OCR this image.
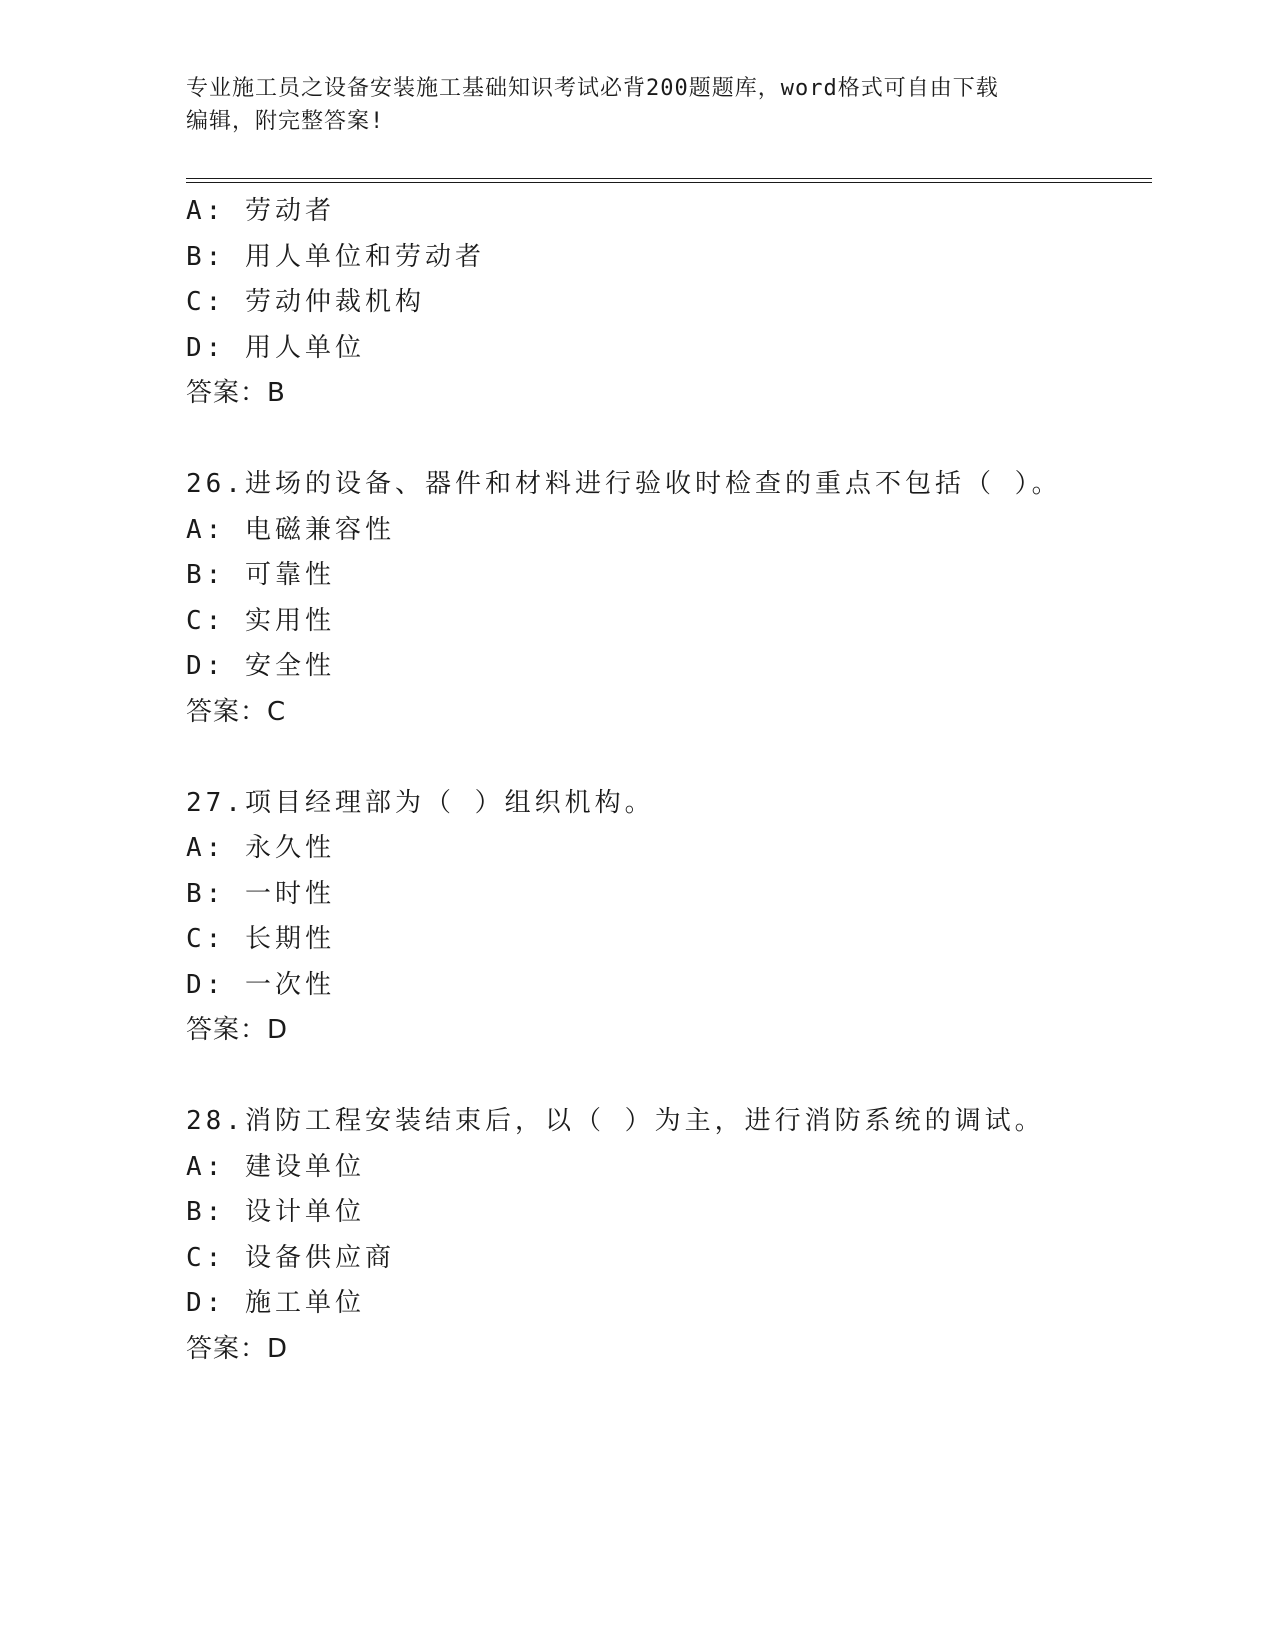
专业施工员之设备安装施工基础知识考试必背200题题库，word格式可自由下载
编辑，附完整答案!
A: 劳动者
B: 用人单位和劳动者
C: 劳动仲裁机构
D: 用人单位
答案：B
26.进场的设备、器件和材料进行验收时检查的重点不包括（ ）。
A: 电磁兼容性
B: 可靠性
C: 实用性
D: 安全性
答案：C
27.项目经理部为（ ）组织机构。
A: 永久性
B: 一时性
C: 长期性
D: 一次性
答案：D
28.消防工程安装结束后，以（ ）为主，进行消防系统的调试。
A: 建设单位
B: 设计单位
C: 设备供应商
D: 施工单位
答案：D
